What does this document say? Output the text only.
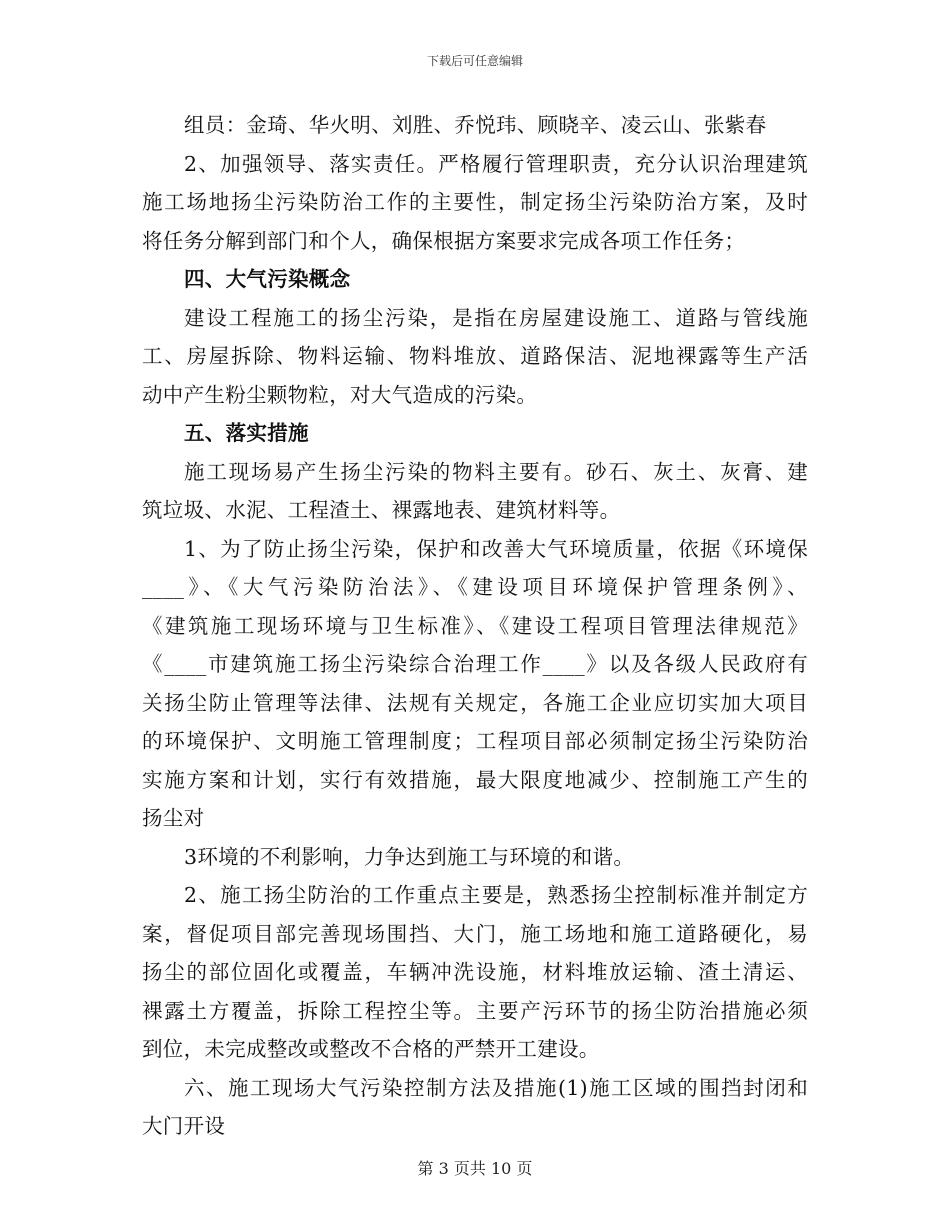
下载后可任意编辑
组员：金琦、华火明、刘胜、乔悦玮、顾晓辛、凌云山、张紫春
2、加强领导、落实责任。严格履行管理职责，充分认识治理建筑
施工场地扬尘污染防治工作的主要性，制定扬尘污染防治方案，及时
将任务分解到部门和个人，确保根据方案要求完成各项工作任务；
四、大气污染概念
建设工程施工的扬尘污染，是指在房屋建设施工、道路与管线施
工、房屋拆除、物料运输、物料堆放、道路保洁、泥地裸露等生产活
动中产生粉尘颗物粒，对大气造成的污染。
五、落实措施
施工现场易产生扬尘污染的物料主要有。砂石、灰土、灰膏、建
筑垃圾、水泥、工程渣土、裸露地表、建筑材料等。
1、为了防止扬尘污染，保护和改善大气环境质量，依据《环境保
____》、《大气污染防治法》、《建设项目环境保护管理条例》、
《建筑施工现场环境与卫生标准》、《建设工程项目管理法律规范》
《____市建筑施工扬尘污染综合治理工作____》以及各级人民政府有
关扬尘防止管理等法律、法规有关规定，各施工企业应切实加大项目
的环境保护、文明施工管理制度；工程项目部必须制定扬尘污染防治
实施方案和计划，实行有效措施，最大限度地减少、控制施工产生的
扬尘对
3环境的不利影响，力争达到施工与环境的和谐。
2、施工扬尘防治的工作重点主要是，熟悉扬尘控制标准并制定方
案，督促项目部完善现场围挡、大门，施工场地和施工道路硬化，易
扬尘的部位固化或覆盖，车辆冲洗设施，材料堆放运输、渣土清运、
裸露土方覆盖，拆除工程控尘等。主要产污环节的扬尘防治措施必须
到位，未完成整改或整改不合格的严禁开工建设。
六、施工现场大气污染控制方法及措施(1)施工区域的围挡封闭和
大门开设
第 3 页共 10 页
